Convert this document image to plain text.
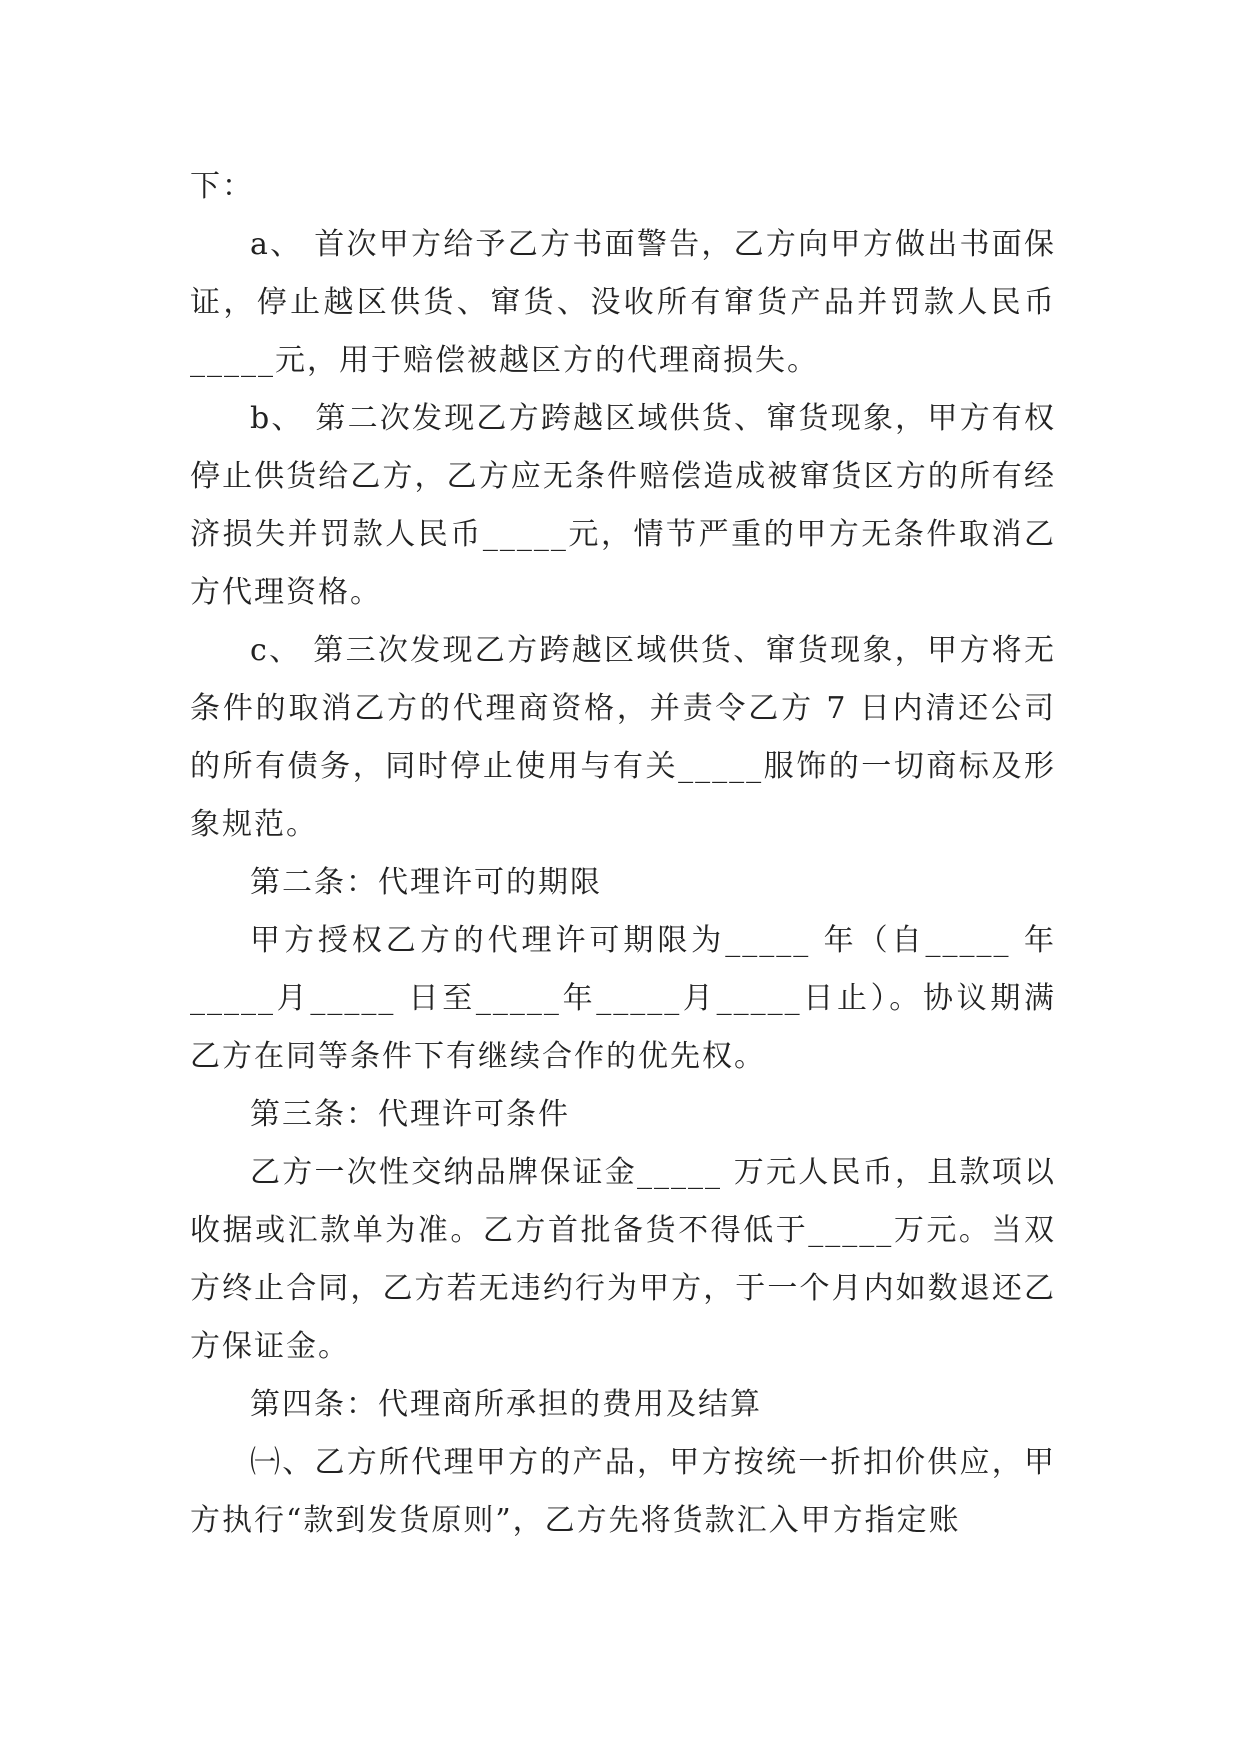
下：

a、 首次甲方给予乙方书面警告，乙方向甲方做出书面保证，停止越区供货、窜货、没收所有窜货产品并罚款人民币_____元，用于赔偿被越区方的代理商损失。

b、 第二次发现乙方跨越区域供货、窜货现象，甲方有权停止供货给乙方，乙方应无条件赔偿造成被窜货区方的所有经济损失并罚款人民币_____元，情节严重的甲方无条件取消乙方代理资格。

c、 第三次发现乙方跨越区域供货、窜货现象，甲方将无条件的取消乙方的代理商资格，并责令乙方 7 日内清还公司的所有债务，同时停止使用与有关_____服饰的一切商标及形象规范。

第二条：代理许可的期限

甲方授权乙方的代理许可期限为_____ 年（自_____ 年_____月_____ 日至_____年_____月_____日止）。协议期满乙方在同等条件下有继续合作的优先权。

第三条：代理许可条件

乙方一次性交纳品牌保证金_____ 万元人民币，且款项以收据或汇款单为准。乙方首批备货不得低于_____万元。当双方终止合同，乙方若无违约行为甲方，于一个月内如数退还乙方保证金。

第四条：代理商所承担的费用及结算

㈠、乙方所代理甲方的产品，甲方按统一折扣价供应，甲方执行“款到发货原则”，乙方先将货款汇入甲方指定账
